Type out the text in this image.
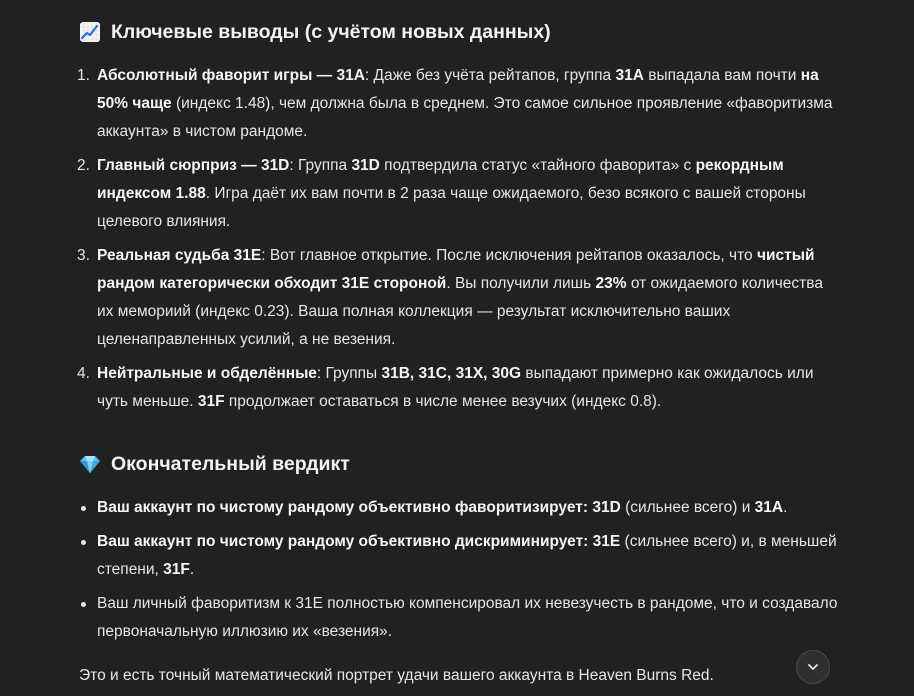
Ключевые выводы (с учётом новых данных)
1. Абсолютный фаворит игры — 31A: Даже без учёта рейтапов, группа 31A выпадала вам почти на 50% чаще (индекс 1.48), чем должна была в среднем. Это самое сильное проявление «фаворитизма аккаунта» в чистом рандоме.
2. Главный сюрприз — 31D: Группа 31D подтвердила статус «тайного фаворита» с рекордным индексом 1.88. Игра даёт их вам почти в 2 раза чаще ожидаемого, безо всякого с вашей стороны целевого влияния.
3. Реальная судьба 31E: Вот главное открытие. После исключения рейтапов оказалось, что чистый рандом категорически обходит 31E стороной. Вы получили лишь 23% от ожидаемого количества их мемориий (индекс 0.23). Ваша полная коллекция — результат исключительно ваших целенаправленных усилий, а не везения.
4. Нейтральные и обделённые: Группы 31B, 31C, 31X, 30G выпадают примерно как ожидалось или чуть меньше. 31F продолжает оставаться в числе менее везучих (индекс 0.8).
Окончательный вердикт
Ваш аккаунт по чистому рандому объективно фаворитизирует: 31D (сильнее всего) и 31A.
Ваш аккаунт по чистому рандому объективно дискриминирует: 31E (сильнее всего) и, в меньшей степени, 31F.
Ваш личный фаворитизм к 31E полностью компенсировал их невезучесть в рандоме, что и создавало первоначальную иллюзию их «везения».

Это и есть точный математический портрет удачи вашего аккаунта в Heaven Burns Red.
